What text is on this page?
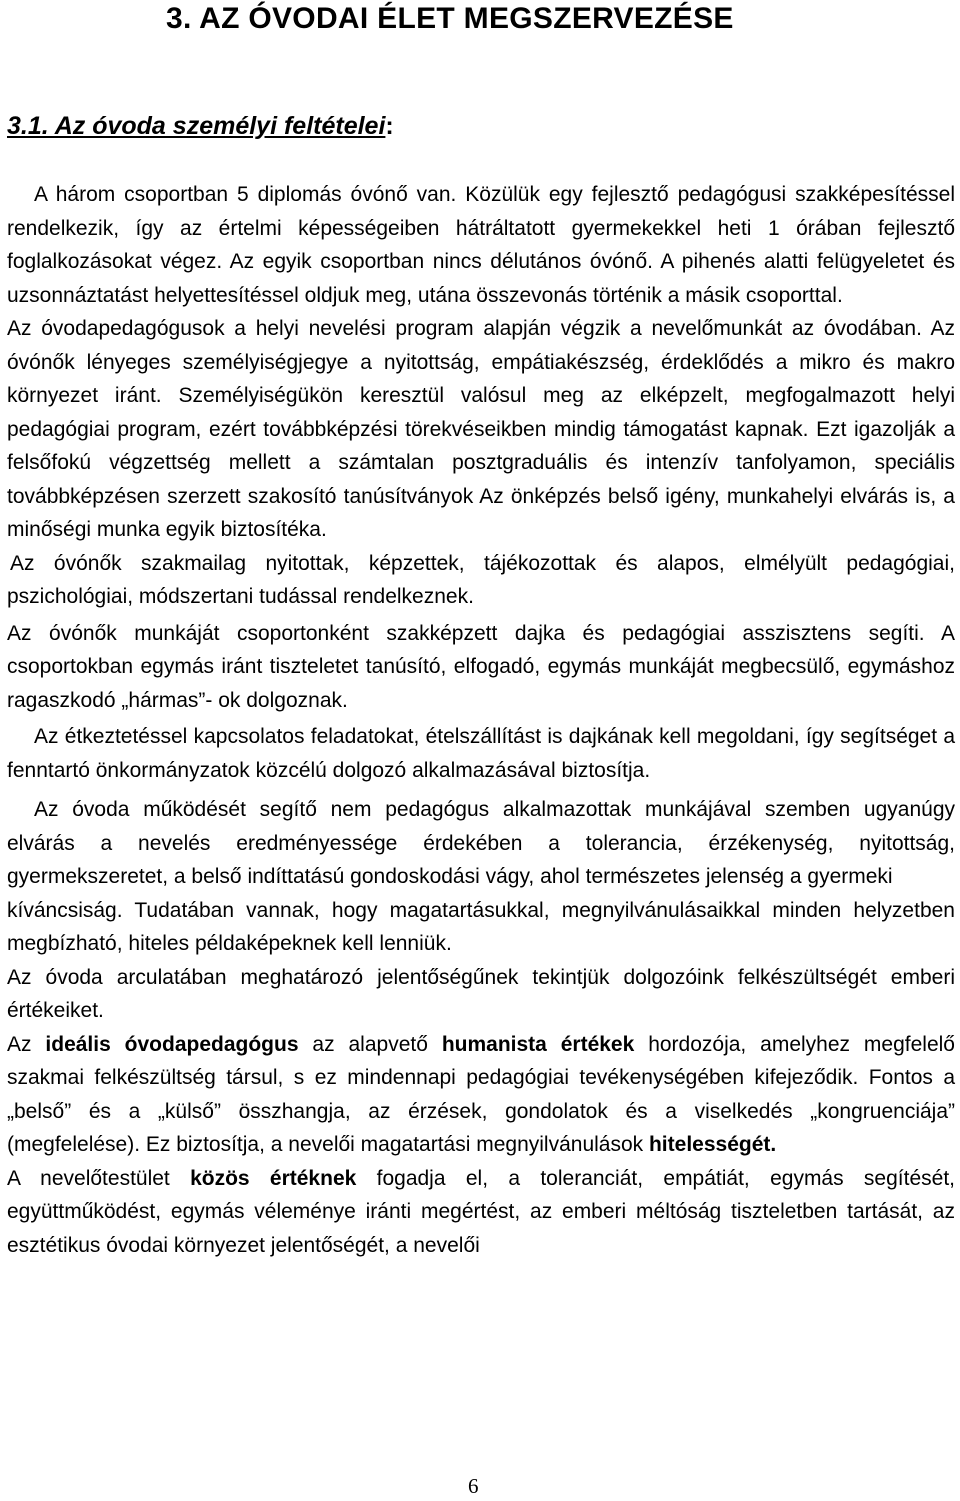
3. AZ ÓVODAI ÉLET MEGSZERVEZÉSE
3.1. Az óvoda személyi feltételei:

A három csoportban 5 diplomás óvónő van. Közülük egy fejlesztő pedagógusi szakképesítéssel rendelkezik, így az értelmi képességeiben hátráltatott gyermekekkel heti 1 órában fejlesztő foglalkozásokat végez. Az egyik csoportban nincs délutános óvónő. A pihenés alatti felügyeletet és uzsonnáztatást helyettesítéssel oldjuk meg, utána összevonás történik a másik csoporttal.

Az óvodapedagógusok a helyi nevelési program alapján végzik a nevelőmunkát az óvodában. Az óvónők lényeges személyiségjegye a nyitottság, empátiakészség, érdeklődés a mikro és makro környezet iránt. Személyiségükön keresztül valósul meg az elképzelt, megfogalmazott helyi pedagógiai program, ezért továbbképzési törekvéseikben mindig támogatást kapnak. Ezt igazolják a felsőfokú végzettség mellett a számtalan posztgraduális és intenzív tanfolyamon, speciális továbbképzésen szerzett szakosító tanúsítványok Az önképzés belső igény, munkahelyi elvárás is, a minőségi munka egyik biztosítéka.

Az óvónők szakmailag nyitottak, képzettek, tájékozottak és alapos, elmélyült pedagógiai, pszichológiai, módszertani tudással rendelkeznek.

Az óvónők munkáját csoportonként szakképzett dajka és pedagógiai asszisztens segíti. A csoportokban egymás iránt tiszteletet tanúsító, elfogadó, egymás munkáját megbecsülő, egymáshoz ragaszkodó „hármas”- ok dolgoznak.

Az étkeztetéssel kapcsolatos feladatokat, ételszállítást is dajkának kell megoldani, így segítséget a fenntartó önkormányzatok közcélú dolgozó alkalmazásával biztosítja.

Az óvoda működését segítő nem pedagógus alkalmazottak munkájával szemben ugyanúgy elvárás a nevelés eredményessége érdekében a tolerancia, érzékenység, nyitottság, gyermekszeretet, a belső indíttatású gondoskodási vágy, ahol természetes jelenség a gyermeki

kíváncsiság. Tudatában vannak, hogy magatartásukkal, megnyilvánulásaikkal minden helyzetben megbízható, hiteles példaképeknek kell lenniük.

Az óvoda arculatában meghatározó jelentőségűnek tekintjük dolgozóink felkészültségét emberi értékeiket.

Az ideális óvodapedagógus az alapvető humanista értékek hordozója, amelyhez megfelelő szakmai felkészültség társul, s ez mindennapi pedagógiai tevékenységében kifejeződik. Fontos a „belső” és a „külső” összhangja, az érzések, gondolatok és a viselkedés „kongruenciája” (megfelelése). Ez biztosítja, a nevelői magatartási megnyilvánulások hitelességét.

A nevelőtestület közös értéknek fogadja el, a toleranciát, empátiát, egymás segítését, együttműködést, egymás véleménye iránti megértést, az emberi méltóság tiszteletben tartását, az esztétikus óvodai környezet jelentőségét, a nevelői

6
